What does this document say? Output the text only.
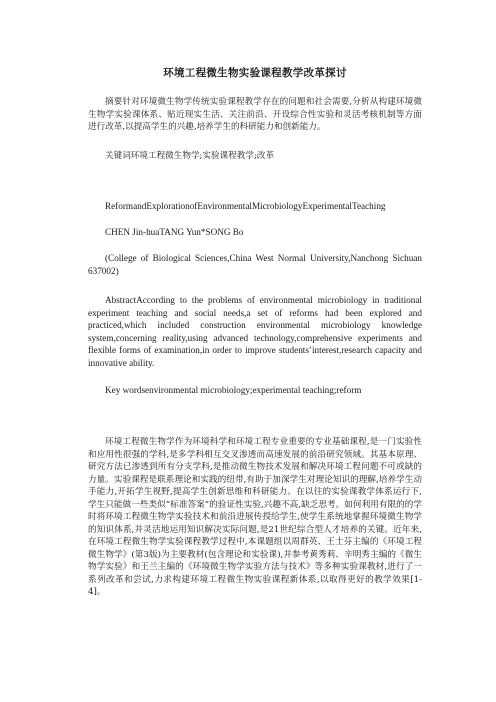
环境工程微生物实验课程教学改革探讨

摘要针对环境微生物学传统实验课程教学存在的问题和社会需要,分析从构建环境微生物学实验课体系、贴近现实生活、关注前沿、开设综合性实验和灵活考核机制等方面进行改革,以提高学生的兴趣,培养学生的科研能力和创新能力。

关键词环境工程微生物学;实验课程教学;改革

ReformandExplorationofEnvironmentalMicrobiologyExperimentalTeaching

CHEN Jin-huaTANG Yun*SONG Bo

(College of Biological Sciences,China West Normal University,Nanchong Sichuan 637002)

AbstractAccording to the problems of environmental microbiology in traditional experiment teaching and social needs,a set of reforms had been explored and practiced,which included construction environmental microbiology knowledge system,concerning reality,using advanced technology,comprehensive experiments and flexible forms of examination,in order to improve students’interest,research capacity and innovative ability.

Key wordsenvironmental microbiology;experimental teaching;reform

环境工程微生物学作为环境科学和环境工程专业重要的专业基础课程,是一门实验性和应用性很强的学科,是多学科相互交叉渗透而高速发展的前沿研究领域。其基本原理、研究方法已渗透到所有分支学科,是推动微生物技术发展和解决环境工程问题不可或缺的力量。实验课程是联系理论和实践的纽带,有助于加深学生对理论知识的理解,培养学生动手能力,开拓学生视野,提高学生创新思维和科研能力。在以往的实验课教学体系运行下,学生只能做一些类似“标准答案”的验证性实验,兴趣不高,缺乏思考。如何利用有限的的学时将环境工程微生物学实验技术和前沿进展传授给学生,使学生系统地掌握环境微生物学的知识体系,并灵活地运用知识解决实际问题,是21世纪综合型人才培养的关键。近年来,在环境工程微生物学实验课程教学过程中,本课题组以周群英、王士芬主编的《环境工程微生物学》(第3版)为主要教材(包含理论和实验课),并参考黄秀莉、辛明秀主编的《微生物学实验》和王兰主编的《环境微生物学实验方法与技术》等多种实验课教材,进行了一系列改革和尝试,力求构建环境工程微生物实验课程新体系,以取得更好的教学效果[1-4]。
